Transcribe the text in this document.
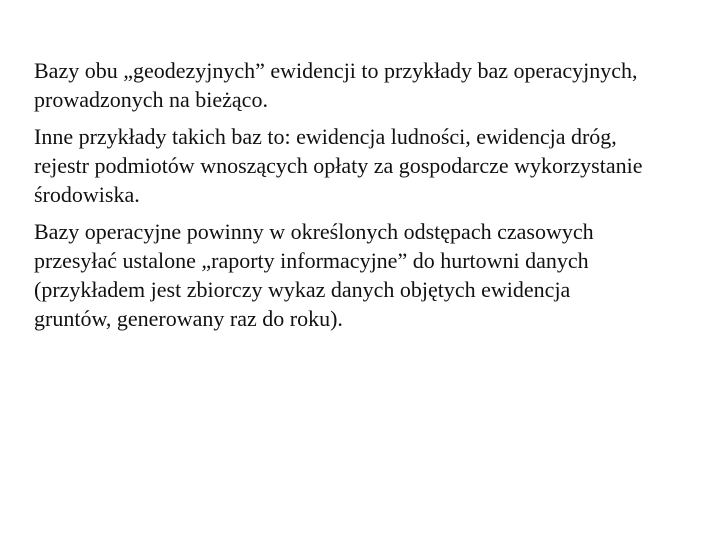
Bazy obu „geodezyjnych” ewidencji to przykłady baz operacyjnych,
prowadzonych na bieżąco.

Inne przykłady takich baz to: ewidencja ludności, ewidencja dróg,
rejestr podmiotów wnoszących opłaty za gospodarcze wykorzystanie
środowiska.

Bazy operacyjne powinny w określonych odstępach czasowych
przesyłać ustalone „raporty informacyjne” do hurtowni danych
(przykładem jest zbiorczy wykaz danych objętych ewidencja
gruntów, generowany raz do roku).
